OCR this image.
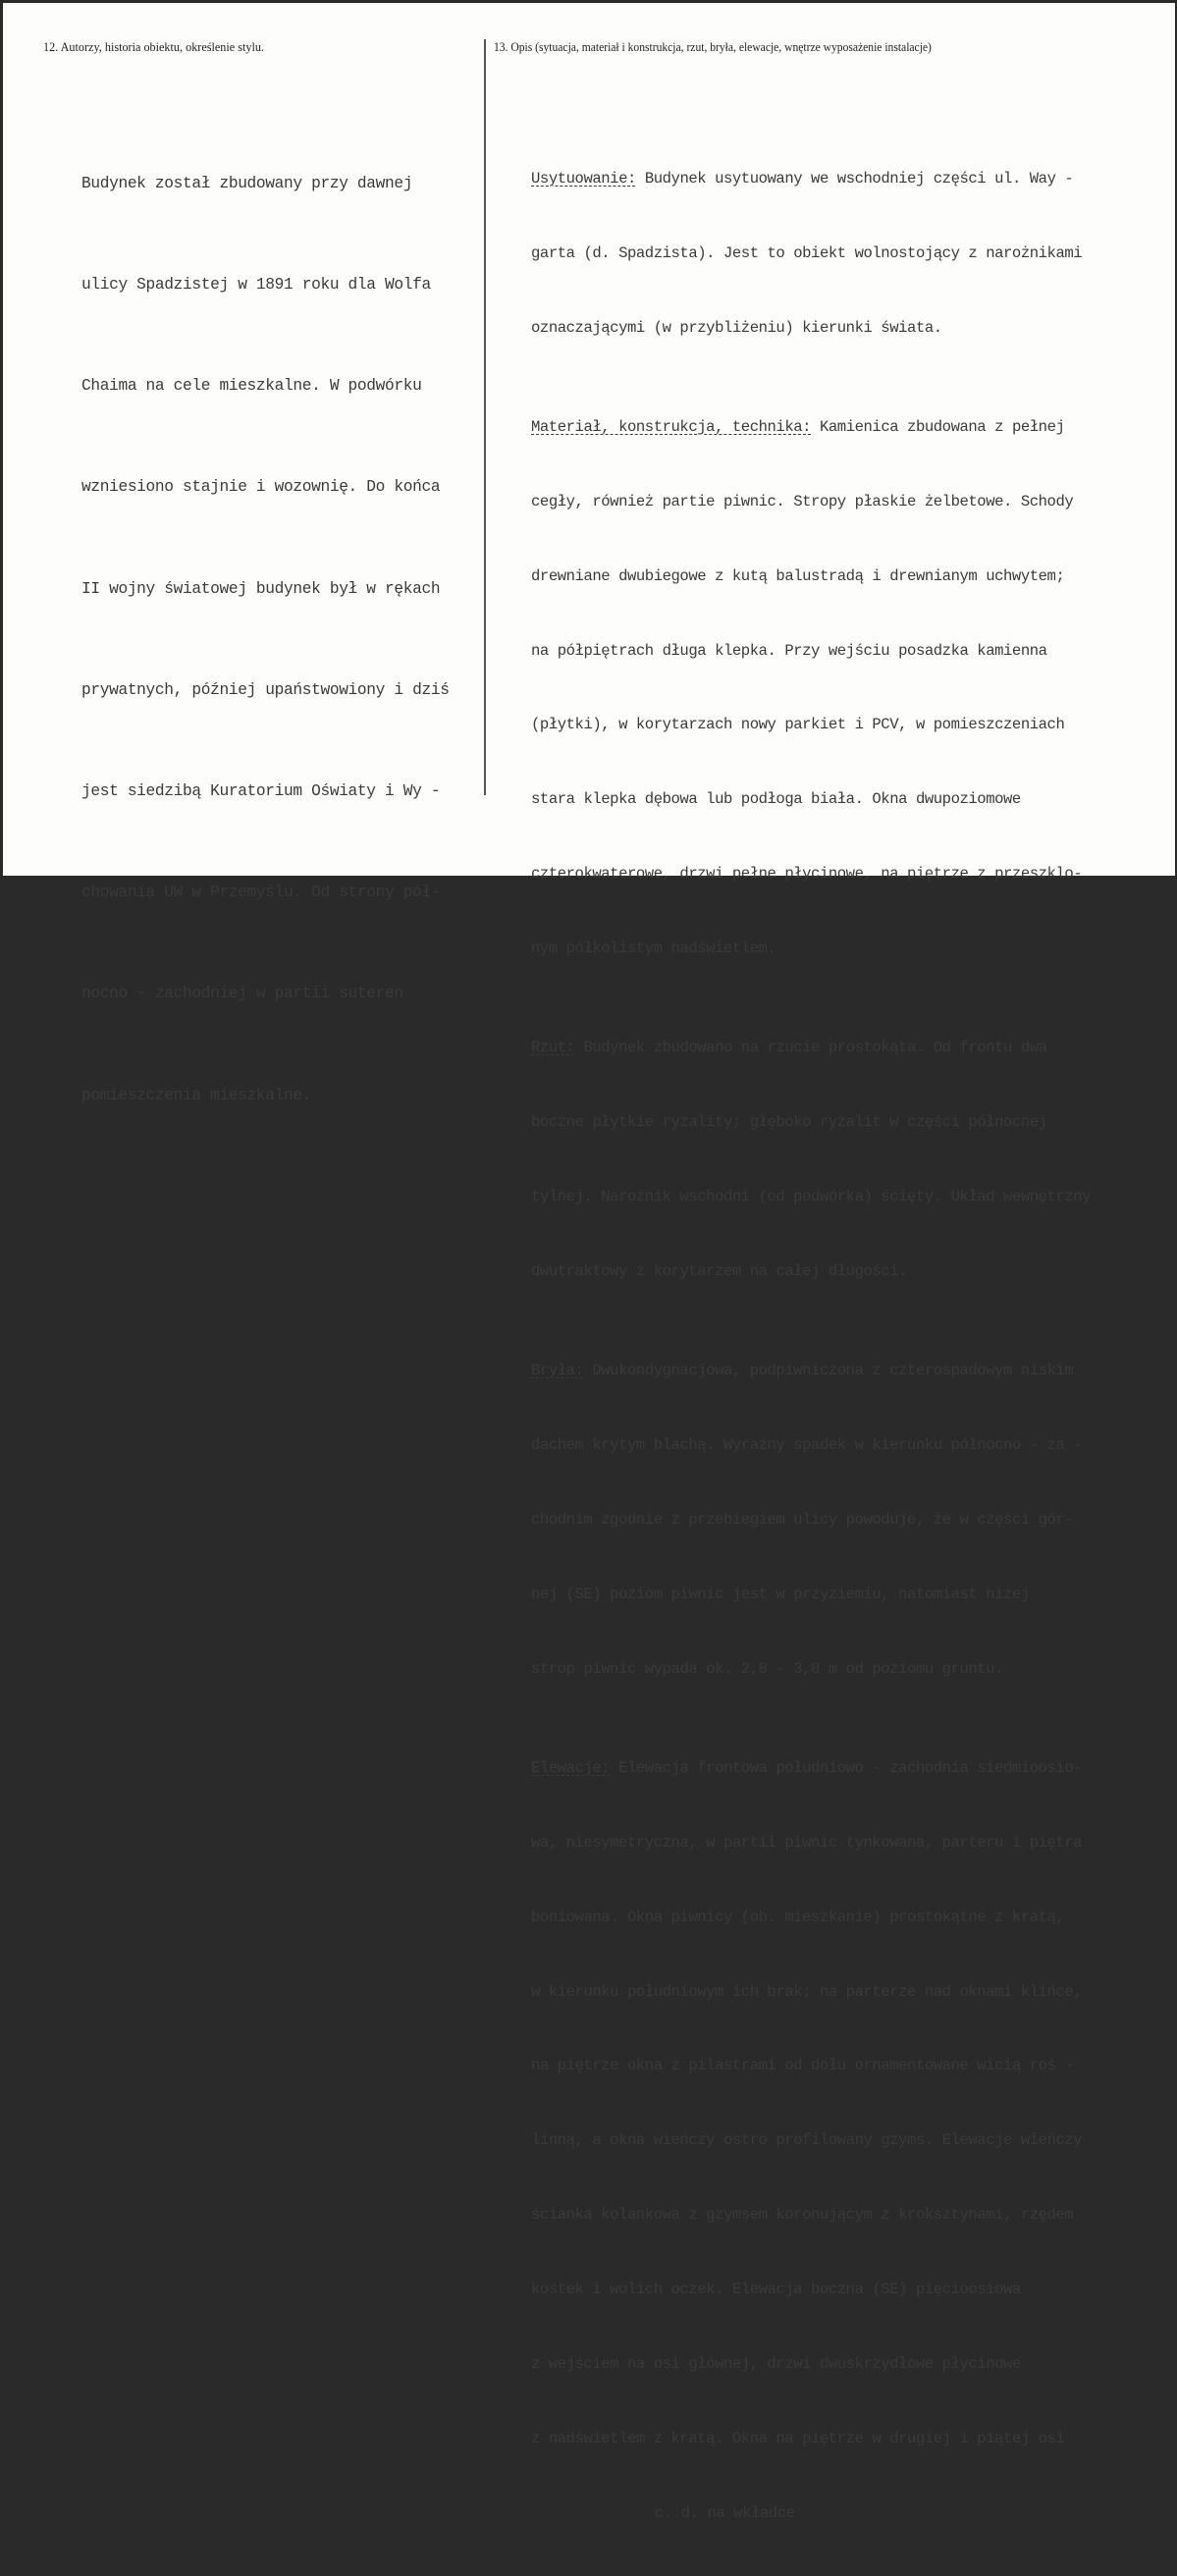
12. Autorzy, historia obiektu, określenie stylu.	13. Opis (sytuacja, materiał i konstrukcja, rzut, bryła, elewacje, wnętrze wyposażenie instalacje)

Budynek został zbudowany przy dawnej

ulicy Spadzistej w 1891 roku dla Wolfa

Chaima na cele mieszkalne. W podwórku

wzniesiono stajnie i wozownię. Do końca

II wojny światowej budynek był w rękach

prywatnych, później upaństwowiony i dziś

jest siedzibą Kuratorium Oświaty i Wy -

chowania UW w Przemyślu. Od strony pół-

nocno - zachodniej w partii suteren

pomieszczenia mieszkalne.

Usytuowanie: Budynek usytuowany we wschodniej części ul. Way -

garta (d. Spadzista). Jest to obiekt wolnostojący z narożnikami

oznaczającymi (w przybliżeniu) kierunki świata.

Materiał, konstrukcja, technika: Kamienica zbudowana z pełnej

cegły, również partie piwnic. Stropy płaskie żelbetowe. Schody

drewniane dwubiegowe z kutą balustradą i drewnianym uchwytem;

na półpiętrach długa klepka. Przy wejściu posadzka kamienna

(płytki), w korytarzach nowy parkiet i PCV, w pomieszczeniach

stara klepka dębowa lub podłoga biała. Okna dwupoziomowe

czterokwaterowe, drzwi pełne płycinowe, na piętrze z przeszklo-

nym półkolistym nadświetlem.

Rzut: Budynek zbudowano na rzucie prostokąta. Od frontu dwa

boczne płytkie ryzality; głęboko ryzalit w części północnej

tylnej. Narożnik wschodni (od podwórka) ścięty. Układ wewnętrzny

dwutraktowy z korytarzem na całej długości.

Bryła: Dwukondygnacjowa, podpiwniczona z czterospadowym niskim

dachem krytym blachą. Wyraźny spadek w kierunku północno - za -

chodnim zgodnie z przebiegiem ulicy powoduje, że w części gór-

nej (SE) poziom piwnic jest w przyziemiu, natomiast niżej

strop piwnic wypada ok. 2,8 - 3,0 m od poziomu gruntu.

Elewacje: Elewacja frontowa południowo - zachodnia siedmioosio-

wa, niesymetryczna, w partii piwnic tynkowana, parteru i piętra

boniowana. Okna piwnicy (ob. mieszkanie) prostokątne z kratą,

w kierunku południowym ich brak; na parterze nad oknami klińce,

na piętrze okna z pilastrami od dołu ornamentowane wicią roś -

linną, a okna wieńczy ostro profilowany gzyms. Elewacje wieńczy

ścianka kolankowa z gzymsem koronującym z kroksztynami, rzędem

kostek i wolich oczek. Elewacja boczna (SE) pięcioosiowa

z wejściem na osi głównej, drzwi dwuskrzydłowe płycinowe

z nadświetlem z kratą. Okna na piętrze w drugiej i piątej osi

c. d. na wkładce
